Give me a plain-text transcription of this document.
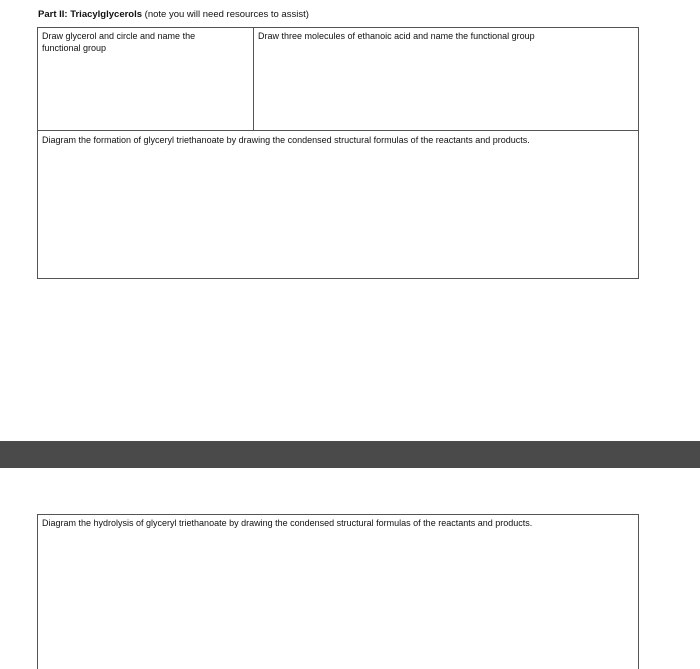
Part II: Triacylglycerols (note you will need resources to assist)
Draw glycerol and circle and name the functional group
Draw three molecules of ethanoic acid and name the functional group
Diagram the formation of glyceryl triethanoate by drawing the condensed structural formulas of the reactants and products.
Diagram the hydrolysis of glyceryl triethanoate by drawing the condensed structural formulas of the reactants and products.
